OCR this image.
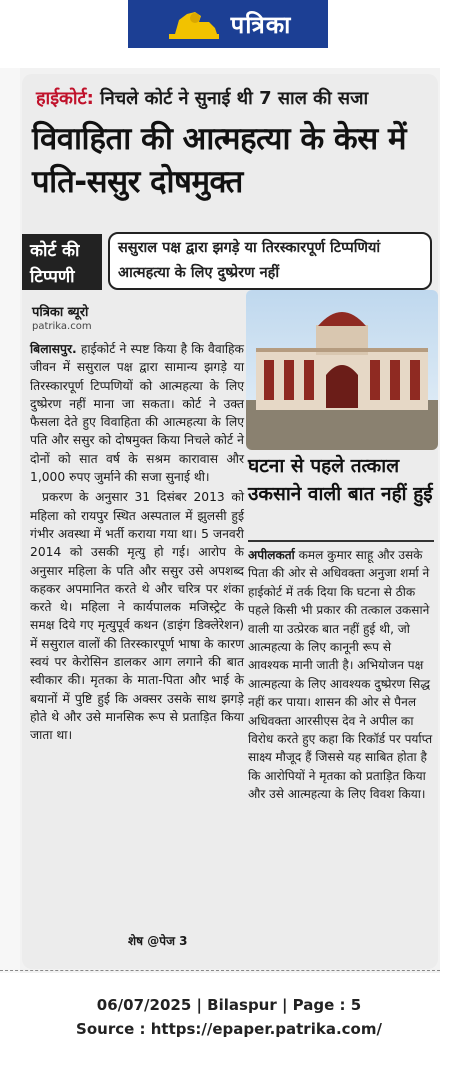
पत्रिका
हाईकोर्ट: निचले कोर्ट ने सुनाई थी 7 साल की सजा
विवाहिता की आत्महत्या के केस में पति-ससुर दोषमुक्त
कोर्ट की टिप्पणी
ससुराल पक्ष द्वारा झगड़े या तिरस्कारपूर्ण टिप्पणियां आत्महत्या के लिए दुष्प्रेरण नहीं
पत्रिका ब्यूरो
patrika.com

बिलासपुर. हाईकोर्ट ने स्पष्ट किया है कि वैवाहिक जीवन में ससुराल पक्ष द्वारा सामान्य झगड़े या तिरस्कारपूर्ण टिप्पणियों को आत्महत्या के लिए दुष्प्रेरण नहीं माना जा सकता। कोर्ट ने उक्त फैसला देते हुए विवाहिता की आत्महत्या के लिए पति और ससुर को दोषमुक्त किया निचले कोर्ट ने दोनों को सात वर्ष के सश्रम कारावास और 1,000 रुपए जुर्माने की सजा सुनाई थी।

प्रकरण के अनुसार 31 दिसंबर 2013 को महिला को रायपुर स्थित अस्पताल में झुलसी हुई गंभीर अवस्था में भर्ती कराया गया था। 5 जनवरी 2014 को उसकी मृत्यु हो गई। आरोप के अनुसार महिला के पति और ससुर उसे अपशब्द कहकर अपमानित करते थे और चरित्र पर शंका करते थे। महिला ने कार्यपालक मजिस्ट्रेट के समक्ष दिये गए मृत्युपूर्व कथन (डाइंग डिक्लेरेशन) में ससुराल वालों की तिरस्कारपूर्ण भाषा के कारण स्वयं पर केरोसिन डालकर आग लगाने की बात स्वीकार की। मृतका के माता-पिता और भाई के बयानों में पुष्टि हुई कि अक्सर उसके साथ झगड़े होते थे और उसे मानसिक रूप से प्रताड़ित किया जाता था।

शेष @पेज 3
घटना से पहले तत्काल उकसाने वाली बात नहीं हुई
अपीलकर्ता कमल कुमार साहू और उसके पिता की ओर से अधिवक्ता अनुजा शर्मा ने हाईकोर्ट में तर्क दिया कि घटना से ठीक पहले किसी भी प्रकार की तत्काल उकसाने वाली या उत्प्रेरक बात नहीं हुई थी, जो आत्महत्या के लिए कानूनी रूप से आवश्यक मानी जाती है। अभियोजन पक्ष आत्महत्या के लिए आवश्यक दुष्प्रेरण सिद्ध नहीं कर पाया। शासन की ओर से पैनल अधिवक्ता आरसीएस देव ने अपील का विरोध करते हुए कहा कि रिकॉर्ड पर पर्याप्त साक्ष्य मौजूद हैं जिससे यह साबित होता है कि आरोपियों ने मृतका को प्रताड़ित किया और उसे आत्महत्या के लिए विवश किया।
06/07/2025 | Bilaspur | Page : 5
Source : https://epaper.patrika.com/
